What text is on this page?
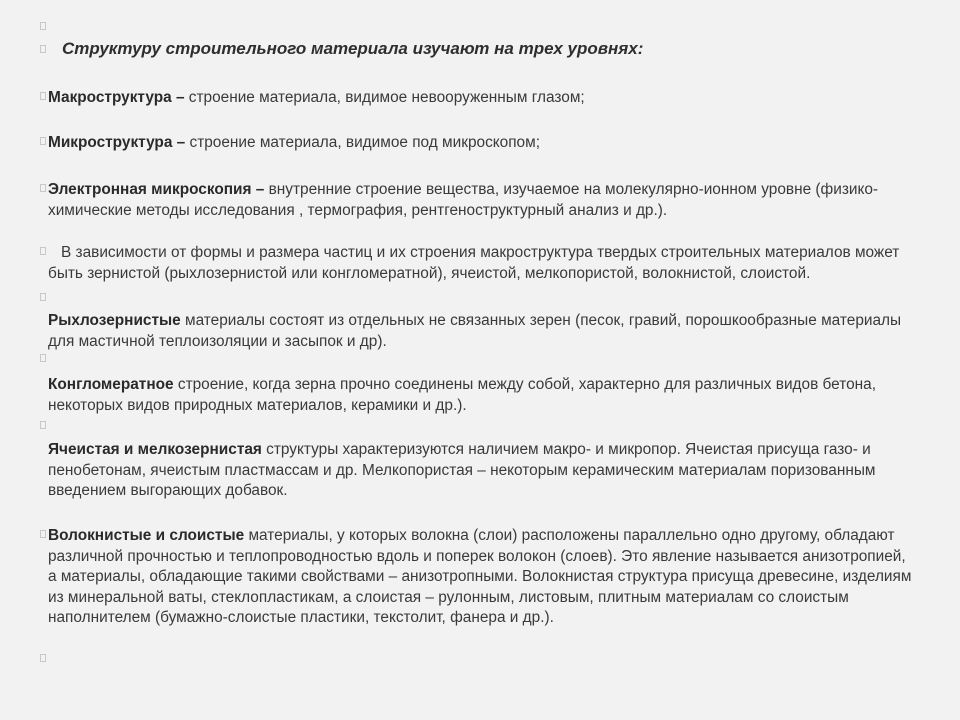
Структуру строительного материала изучают на трех уровнях:
Макроструктура – строение материала, видимое невооруженным глазом;
Микроструктура – строение материала, видимое под микроскопом;
Электронная микроскопия – внутренние строение вещества, изучаемое на молекулярно-ионном уровне (физико-химические методы исследования , термография, рентгеноструктурный анализ и др.).
В зависимости от формы и размера частиц и их строения макроструктура твердых строительных материалов может быть зернистой (рыхлозернистой или конгломератной), ячеистой, мелкопористой, волокнистой, слоистой.
Рыхлозернистые материалы состоят из отдельных не связанных зерен (песок, гравий, порошкообразные материалы для мастичной теплоизоляции и засыпок и др).
Конгломератное строение, когда зерна прочно соединены между собой, характерно для различных видов бетона, некоторых видов природных материалов, керамики и др.).
Ячеистая и мелкозернистая структуры характеризуются наличием макро- и микропор. Ячеистая присуща газо- и пенобетонам, ячеистым пластмассам и др. Мелкопористая – некоторым керамическим материалам поризованным введением выгорающих добавок.
Волокнистые и слоистые материалы, у которых волокна (слои) расположены параллельно одно другому, обладают различной прочностью и теплопроводностью вдоль и поперек волокон (слоев). Это явление называется анизотропией, а материалы, обладающие такими свойствами – анизотропными. Волокнистая структура присуща древесине, изделиям из минеральной ваты, стеклопластикам, а слоистая – рулонным, листовым, плитным материалам со слоистым наполнителем (бумажно-слоистые пластики, текстолит, фанера и др.).
